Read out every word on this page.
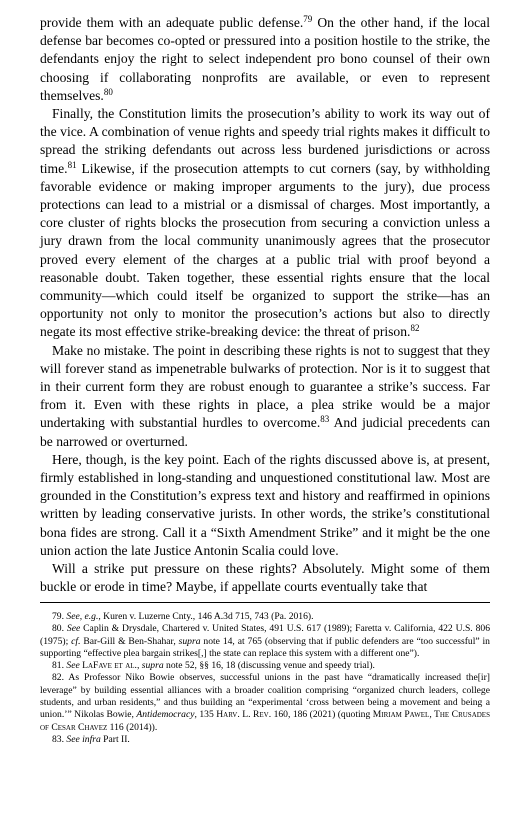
provide them with an adequate public defense.$^{79}$ On the other hand, if the local defense bar becomes co-opted or pressured into a position hostile to the strike, the defendants enjoy the right to select independent pro bono counsel of their own choosing if collaborating nonprofits are available, or even to represent themselves.$^{80}$

Finally, the Constitution limits the prosecution’s ability to work its way out of the vice. A combination of venue rights and speedy trial rights makes it difficult to spread the striking defendants out across less burdened jurisdictions or across time.$^{81}$ Likewise, if the prosecution attempts to cut corners (say, by withholding favorable evidence or making improper arguments to the jury), due process protections can lead to a mistrial or a dismissal of charges. Most importantly, a core cluster of rights blocks the prosecution from securing a conviction unless a jury drawn from the local community unanimously agrees that the prosecutor proved every element of the charges at a public trial with proof beyond a reasonable doubt. Taken together, these essential rights ensure that the local community—which could itself be organized to support the strike—has an opportunity not only to monitor the prosecution’s actions but also to directly negate its most effective strike-breaking device: the threat of prison.$^{82}$

Make no mistake. The point in describing these rights is not to suggest that they will forever stand as impenetrable bulwarks of protection. Nor is it to suggest that in their current form they are robust enough to guarantee a strike’s success. Far from it. Even with these rights in place, a plea strike would be a major undertaking with substantial hurdles to overcome.$^{83}$ And judicial precedents can be narrowed or overturned.

Here, though, is the key point. Each of the rights discussed above is, at present, firmly established in long-standing and unquestioned constitutional law. Most are grounded in the Constitution’s express text and history and reaffirmed in opinions written by leading conservative jurists. In other words, the strike’s constitutional bona fides are strong. Call it a “Sixth Amendment Strike” and it might be the one union action the late Justice Antonin Scalia could love.

Will a strike put pressure on these rights? Absolutely. Might some of them buckle or erode in time? Maybe, if appellate courts eventually take that

79. See, e.g., Kuren v. Luzerne Cnty., 146 A.3d 715, 743 (Pa. 2016).

80. See Caplin & Drysdale, Chartered v. United States, 491 U.S. 617 (1989); Faretta v. California, 422 U.S. 806 (1975); cf. Bar-Gill & Ben-Shahar, supra note 14, at 765 (observing that if public defenders are “too successful” in supporting “effective plea bargain strikes[,] the state can replace this system with a different one”).

81. See LaFave et al., supra note 52, §§ 16, 18 (discussing venue and speedy trial).

82. As Professor Niko Bowie observes, successful unions in the past have “dramatically increased the[ir] leverage” by building essential alliances with a broader coalition comprising “organized church leaders, college students, and urban residents,” and thus building an “experimental ‘cross between being a movement and being a union.’” Nikolas Bowie, Antidemocracy, 135 Harv. L. Rev. 160, 186 (2021) (quoting Miriam Pawel, The Crusades of Cesar Chavez 116 (2014)).

83. See infra Part II.
